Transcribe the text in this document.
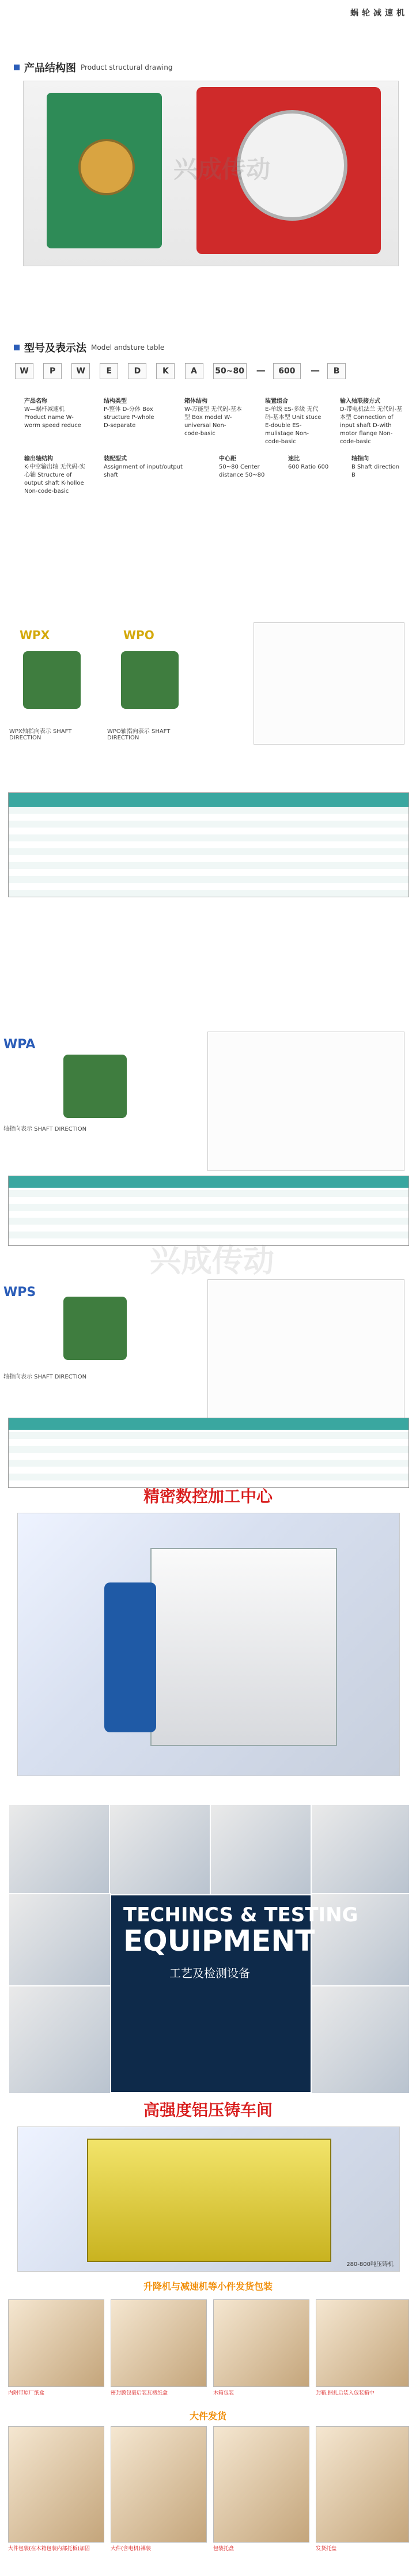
蜗轮减速机
产品结构图 Product structural drawing
兴成传动
型号及表示法 Model andsture table
W	P	W	E	D	K	A 50~80 — 600 — B
产品名称
W—蜗杆减速机 Product name W-worm speed reduce
结构类型
P-整体 D-分体 Box structure P-whole D-separate
箱体结构
W-万能型 无代码-基本型 Box model W-universal Non-code-basic
装置组合
E-单级 ES-多级 无代码-基本型 Unit stuce E-double ES-mulistage Non-code-basic
输入轴联接方式
D-带电机法兰 无代码-基本型 Connection of input shaft D-with motor flange Non-code-basic
输出轴结构
K-中空输出轴 无代码-实心轴 Structure of output shaft K-holloe Non-code-basic
装配型式
Assignment of input/output shaft
中心距
50~80 Center distance 50~80
速比
600 Ratio 600
轴指向
B Shaft direction B
WPX	WPO
WPX轴指向表示 SHAFT DIRECTION
WPO轴指向表示 SHAFT DIRECTION
WPA
轴指向表示 SHAFT DIRECTION
兴成传动
WPS
轴指向表示 SHAFT DIRECTION
精密数控加工中心
TECHINCS & TESTING
EQUIPMENT
工艺及检测设备
高强度铝压铸车间
280-800吨压铸机
升降机与减速机等小件发货包装
内附带原厂纸盒	密封膜包裹后装瓦楞纸盒	木箱包装	封箱,捆扎后装入包装箱中
大件发货
大件包装(在木箱包装内部托板)加固	大件(含电机)裸装	包装托盘	发货托盘
